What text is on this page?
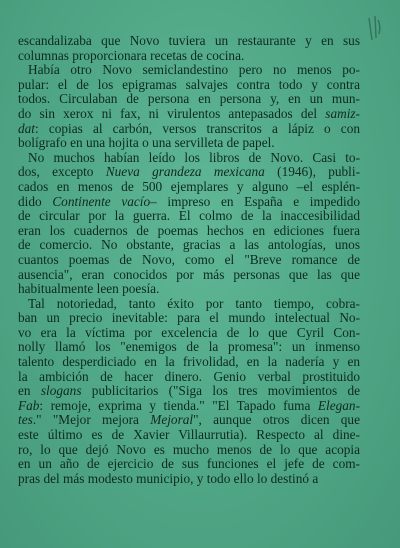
escandalizaba que Novo tuviera un restaurante y en sus
columnas proporcionara recetas de cocina.
Había otro Novo semiclandestino pero no menos po-
pular: el de los epigramas salvajes contra todo y contra
todos. Circulaban de persona en persona y, en un mun-
do sin xerox ni fax, ni virulentos antepasados del samiz-
dat: copias al carbón, versos transcritos a lápiz o con
bolígrafo en una hojita o una servilleta de papel.
No muchos habían leído los libros de Novo. Casi to-
dos, excepto Nueva grandeza mexicana (1946), publi-
cados en menos de 500 ejemplares y alguno –el esplén-
dido Continente vacío– impreso en España e impedido
de circular por la guerra. El colmo de la inaccesibilidad
eran los cuadernos de poemas hechos en ediciones fuera
de comercio. No obstante, gracias a las antologías, unos
cuantos poemas de Novo, como el "Breve romance de
ausencia", eran conocidos por más personas que las que
habitualmente leen poesía.
Tal notoriedad, tanto éxito por tanto tiempo, cobra-
ban un precio inevitable: para el mundo intelectual No-
vo era la víctima por excelencia de lo que Cyril Con-
nolly llamó los "enemigos de la promesa": un inmenso
talento desperdiciado en la frivolidad, en la nadería y en
la ambición de hacer dinero. Genio verbal prostituido
en slogans publicitarios ("Siga los tres movimientos de
Fab: remoje, exprima y tienda." "El Tapado fuma Elegan-
tes." "Mejor mejora Mejoral", aunque otros dicen que
este último es de Xavier Villaurrutia). Respecto al dine-
ro, lo que dejó Novo es mucho menos de lo que acopia
en un año de ejercicio de sus funciones el jefe de com-
pras del más modesto municipio, y todo ello lo destinó a
